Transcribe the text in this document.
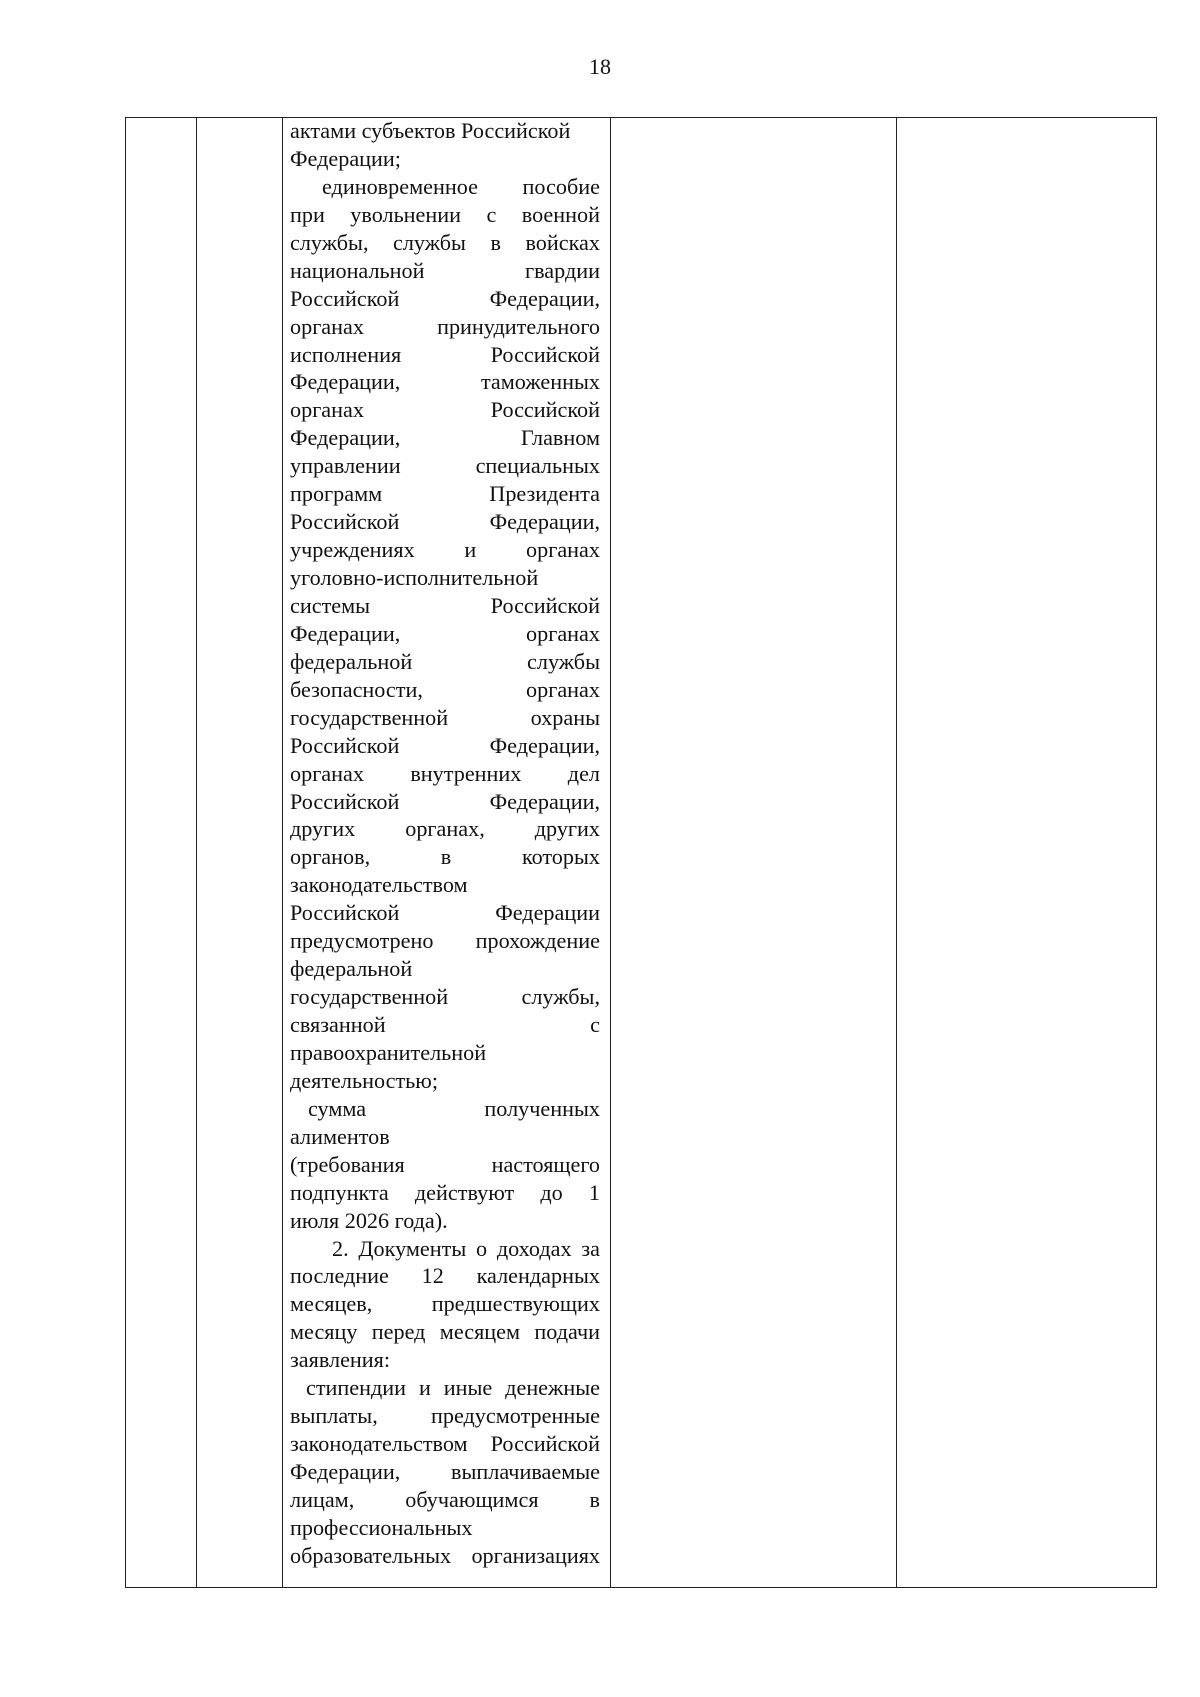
18
актами субъектов Российской
Федерации;
единовременное пособие
при увольнении с военной
службы, службы в войсках
национальной гвардии
Российской Федерации,
органах принудительного
исполнения Российской
Федерации, таможенных
органах Российской
Федерации, Главном
управлении специальных
программ Президента
Российской Федерации,
учреждениях и органах
уголовно-исполнительной
системы Российской
Федерации, органах
федеральной службы
безопасности, органах
государственной охраны
Российской Федерации,
органах внутренних дел
Российской Федерации,
других органах, других
органов, в которых
законодательством
Российской Федерации
предусмотрено прохождение
федеральной
государственной службы,
связанной с
правоохранительной
деятельностью;
сумма полученных
алиментов
(требования настоящего
подпункта действуют до 1
июля 2026 года).
2. Документы о доходах за
последние 12 календарных
месяцев, предшествующих
месяцу перед месяцем подачи
заявления:
стипендии и иные денежные
выплаты, предусмотренные
законодательством Российской
Федерации, выплачиваемые
лицам, обучающимся в
профессиональных
образовательных организациях
